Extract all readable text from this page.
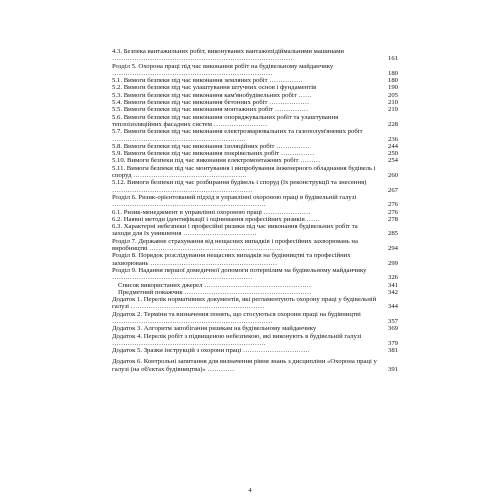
4.3. Безпека вантажильних робіт, виконуваних вантажопідіймальними машинами ………………………………………………………………………	161
Розділ 5. Охорона праці під час виконання робіт на будівельному майданчику ………………………………………………………………	180
5.1. Вимоги безпеки під час виконання земляних робіт ……………	180
5.2. Вимоги безпеки під час улаштування штучних основ і фундаментів	190
5.3. Вимоги безпеки під час виконання кам'янобудівельних робіт ……	205
5.4. Вимоги безпеки під час виконання бетонних робіт ………………	210
5.5. Вимоги безпеки під час виконання монтажних робіт ……………	219
5.6. Вимоги безпеки під час виконання опоряджувальних робіт та улаштування теплоізоляційних фасадних систем ……………………	228
5.7. Вимоги безпеки під час виконання електрозварювальних та газополум'яневих робіт ……………………………………………………	236
5.8. Вимоги безпеки під час виконання ізоляційних робіт ……………	244
5.9. Вимоги безпеки під час виконання покрівельних робіт ……………	250
5.10. Вимоги безпеки під час виконання електромонтажних робіт ………	254
5.11. Вимоги безпеки під час монтування і випробування інженерного обладнання будівель і споруд ……………………………………………	260
5.12. Вимоги безпеки під час розбирання будівель і споруд (їх реконструкції та знесення) ………………………………………………………	267
Розділ 6. Ризик-орієнтований підхід в управлінні охороною праці в будівельній галузі ……………………………………………………………	276
6.1. Ризик-менеджмент в управлінні охороною праці …………………	276
6.2. Наявні методи ідентифікації і оцінювання професійних ризиків ……	278
6.3. Характерні небезпеки і професійні ризики під час виконання будівельних робіт та заходи для їх уникнення ……………………………	285
Розділ 7. Державне страхування від нещасних випадків і професійних захворювань на виробництві ……………………………………………………	294
Розділ 8. Порядок розслідування нещасних випадків на будівництві та професійних захворювань …………………………………………………	299
Розділ 9. Надання першої домедичної допомоги потерпілим на будівельному майданчику ………………………………………………………	326
Список використаних джерел …………………………………………	341
Предметний покажчик …………………………………………………	342
Додаток 1. Перелік нормативних документів, які регламентують охорону праці у будівельній галузі ……………………………………………………	344
Додаток 2. Терміни та визначення понять, що стосуються охорони праці на будівництві ………………………………………………………………	357
Додаток 3. Алгоритм запобігання ризикам на будівельному майданчику	369
Додаток 4. Перелік робіт з підвищеною небезпекою, які виконують в будівельній галузі ……………………………………………………………	379
Додаток 5. Зразки інструкцій з охорони праці …………………………	381
Додаток 6. Контрольні запитання для визначення рівня знань з дисципліни «Охорона праці у галузі (на об'єктах будівництва)» …………	391
4
